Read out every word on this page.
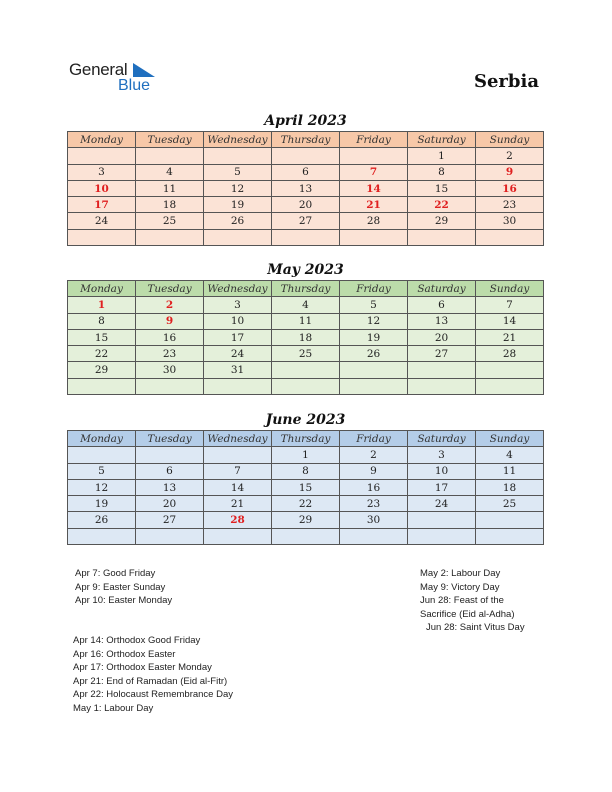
General
Blue	Serbia
April 2023
Monday	Tuesday	Wednesday	Thursday	Friday	Saturday	Sunday
					1	2
3	4	5	6	7	8	9
10	11	12	13	14	15	16
17	18	19	20	21	22	23
24	25	26	27	28	29	30

May 2023
Monday	Tuesday	Wednesday	Thursday	Friday	Saturday	Sunday
1	2	3	4	5	6	7
8	9	10	11	12	13	14
15	16	17	18	19	20	21
22	23	24	25	26	27	28
29	30	31				

June 2023
Monday	Tuesday	Wednesday	Thursday	Friday	Saturday	Sunday
			1	2	3	4
5	6	7	8	9	10	11
12	13	14	15	16	17	18
19	20	21	22	23	24	25
26	27	28	29	30		

Apr 7: Good Friday
Apr 9: Easter Sunday
Apr 10: Easter Monday
Apr 14: Orthodox Good Friday
Apr 16: Orthodox Easter
Apr 17: Orthodox Easter Monday
Apr 21: End of Ramadan (Eid al-Fitr)
Apr 22: Holocaust Remembrance Day
May 1: Labour Day
May 2: Labour Day
May 9: Victory Day
Jun 28: Feast of the
Sacrifice (Eid al-Adha)
Jun 28: Saint Vitus Day
